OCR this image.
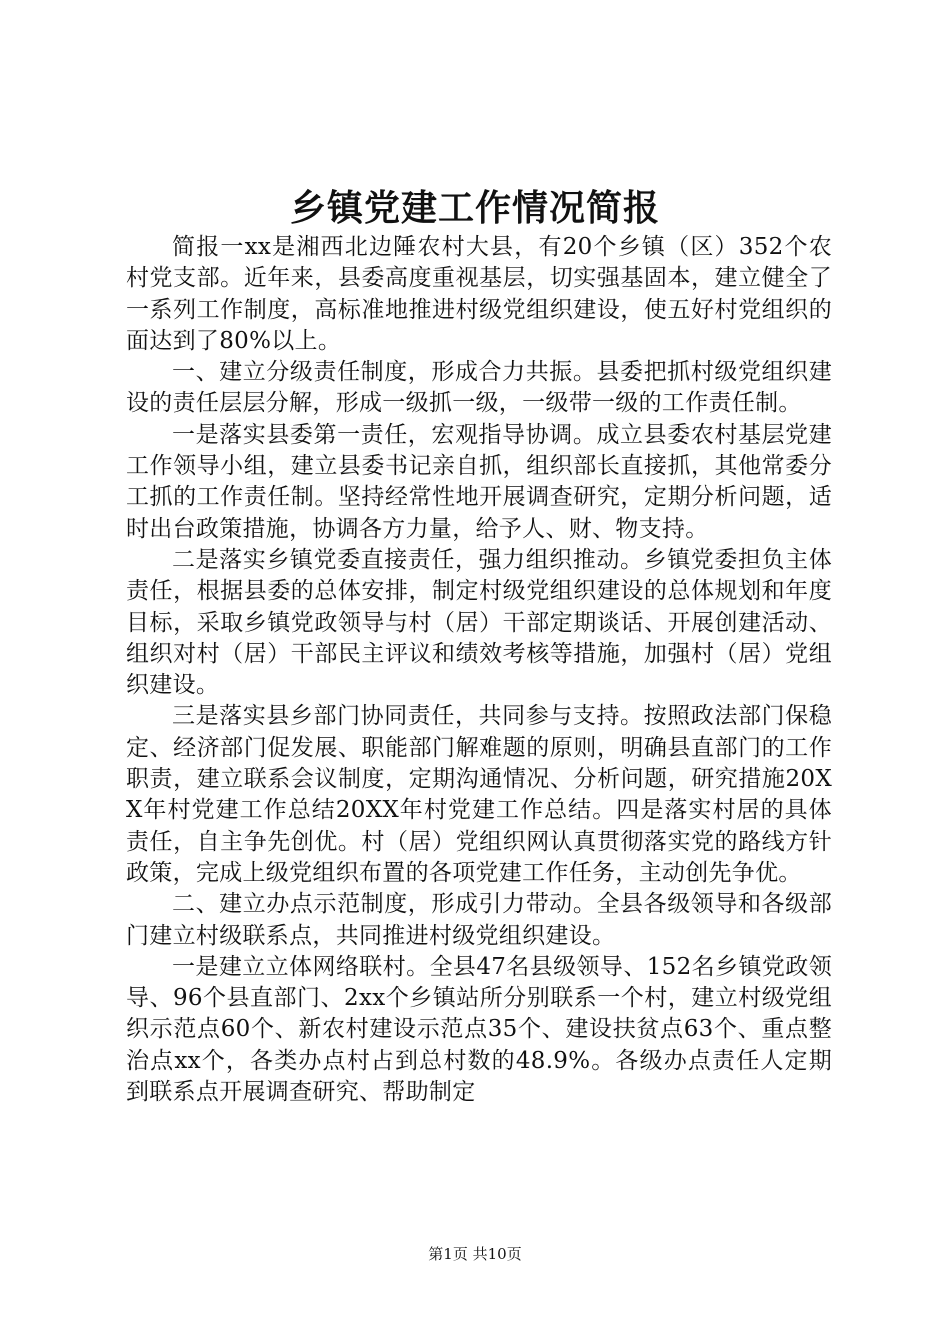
乡镇党建工作情况简报

简报一xx是湘西北边陲农村大县，有20个乡镇（区）352个农村党支部。近年来，县委高度重视基层，切实强基固本，建立健全了一系列工作制度，高标准地推进村级党组织建设，使五好村党组织的面达到了80%以上。

一、建立分级责任制度，形成合力共振。县委把抓村级党组织建设的责任层层分解，形成一级抓一级，一级带一级的工作责任制。

一是落实县委第一责任，宏观指导协调。成立县委农村基层党建工作领导小组，建立县委书记亲自抓，组织部长直接抓，其他常委分工抓的工作责任制。坚持经常性地开展调查研究，定期分析问题，适时出台政策措施，协调各方力量，给予人、财、物支持。

二是落实乡镇党委直接责任，强力组织推动。乡镇党委担负主体责任，根据县委的总体安排，制定村级党组织建设的总体规划和年度目标，采取乡镇党政领导与村（居）干部定期谈话、开展创建活动、组织对村（居）干部民主评议和绩效考核等措施，加强村（居）党组织建设。

三是落实县乡部门协同责任，共同参与支持。按照政法部门保稳定、经济部门促发展、职能部门解难题的原则，明确县直部门的工作职责，建立联系会议制度，定期沟通情况、分析问题，研究措施20XX年村党建工作总结20XX年村党建工作总结。四是落实村居的具体责任，自主争先创优。村（居）党组织网认真贯彻落实党的路线方针政策，完成上级党组织布置的各项党建工作任务，主动创先争优。

二、建立办点示范制度，形成引力带动。全县各级领导和各级部门建立村级联系点，共同推进村级党组织建设。

一是建立立体网络联村。全县47名县级领导、152名乡镇党政领导、96个县直部门、2xx个乡镇站所分别联系一个村，建立村级党组织示范点60个、新农村建设示范点35个、建设扶贫点63个、重点整治点xx个，各类办点村占到总村数的48.9%。各级办点责任人定期到联系点开展调查研究、帮助制定

第1页 共10页
